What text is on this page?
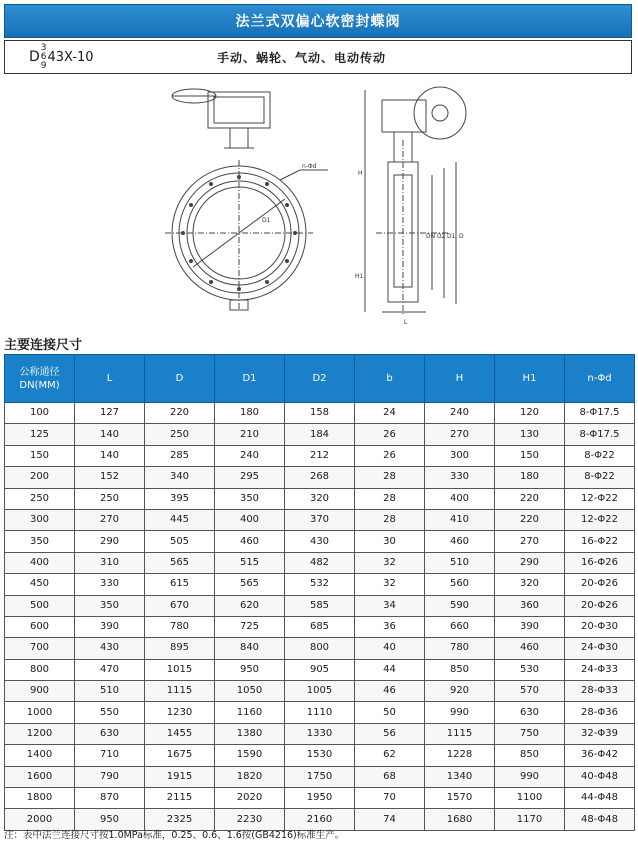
法兰式双偏心软密封蝶阀
D
3
6
9
43X-10	手动、蜗轮、气动、电动传动
n-Φd
D1
L
H
H1
DN D2 D1 D
主要连接尺寸
公称通径
DN(MM)	L	D	D1	D2	b	H	H1	n-Φd
100	127	220	180	158	24	240	120	8-Φ17.5
125	140	250	210	184	26	270	130	8-Φ17.5
150	140	285	240	212	26	300	150	8-Φ22
200	152	340	295	268	28	330	180	8-Φ22
250	250	395	350	320	28	400	220	12-Φ22
300	270	445	400	370	28	410	220	12-Φ22
350	290	505	460	430	30	460	270	16-Φ22
400	310	565	515	482	32	510	290	16-Φ26
450	330	615	565	532	32	560	320	20-Φ26
500	350	670	620	585	34	590	360	20-Φ26
600	390	780	725	685	36	660	390	20-Φ30
700	430	895	840	800	40	780	460	24-Φ30
800	470	1015	950	905	44	850	530	24-Φ33
900	510	1115	1050	1005	46	920	570	28-Φ33
1000	550	1230	1160	1110	50	990	630	28-Φ36
1200	630	1455	1380	1330	56	1115	750	32-Φ39
1400	710	1675	1590	1530	62	1228	850	36-Φ42
1600	790	1915	1820	1750	68	1340	990	40-Φ48
1800	870	2115	2020	1950	70	1570	1100	44-Φ48
2000	950	2325	2230	2160	74	1680	1170	48-Φ48
注：表中法兰连接尺寸按1.0MPa标准，0.25、0.6、1.6按(GB4216)标准生产。
